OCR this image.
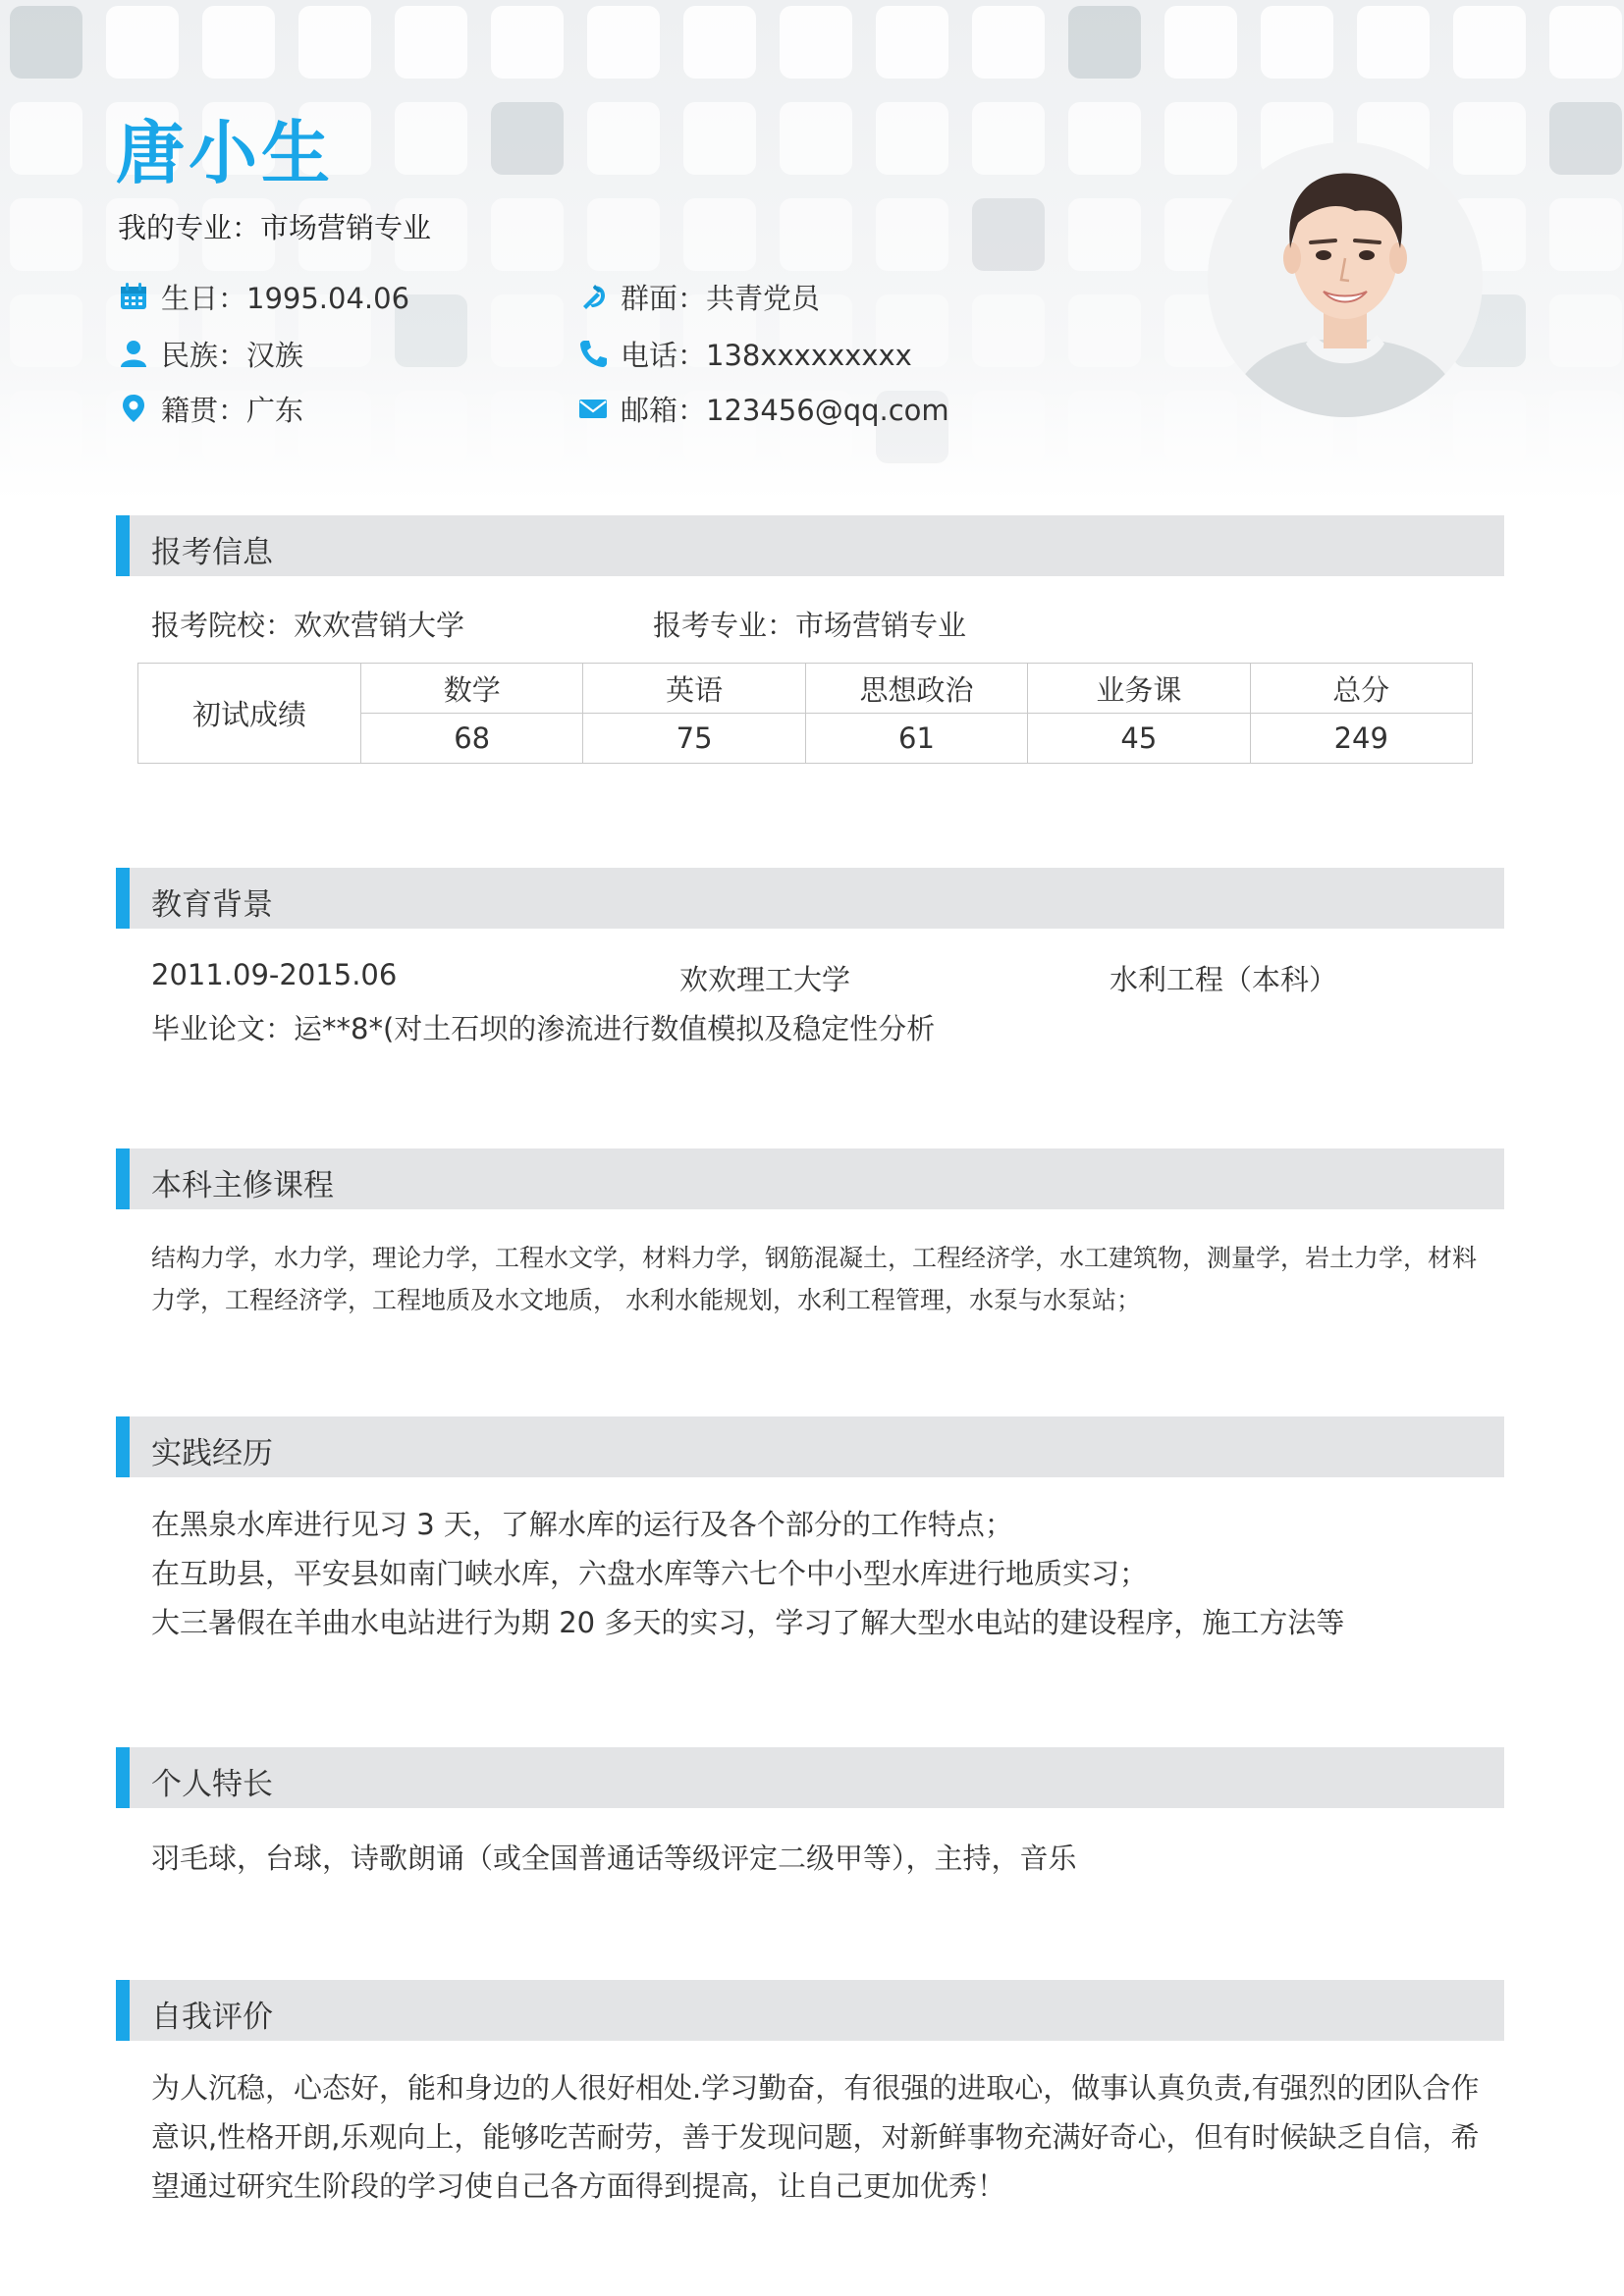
唐小生
我的专业：市场营销专业
生日：1995.04.06
民族：汉族
籍贯：广东
群面：共青党员
电话：138xxxxxxxxx
邮箱：123456@qq.com
报考信息
报考院校：欢欢营销大学	报考专业：市场营销专业
初试成绩	数学	英语	思想政治	业务课	总分
	68	75	61	45	249
教育背景
2011.09-2015.06	欢欢理工大学	水利工程（本科）
毕业论文：运**8*(对土石坝的渗流进行数值模拟及稳定性分析
本科主修课程
结构力学，水力学，理论力学，工程水文学，材料力学，钢筋混凝土，工程经济学，水工建筑物，测量学，岩土力学，材料
力学，工程经济学，工程地质及水文地质， 水利水能规划，水利工程管理，水泵与水泵站；
实践经历
在黑泉水库进行见习 3 天，了解水库的运行及各个部分的工作特点；
在互助县，平安县如南门峡水库，六盘水库等六七个中小型水库进行地质实习；
大三暑假在羊曲水电站进行为期 20 多天的实习，学习了解大型水电站的建设程序，施工方法等
个人特长
羽毛球，台球，诗歌朗诵（或全国普通话等级评定二级甲等），主持，音乐
自我评价
为人沉稳，心态好，能和身边的人很好相处.学习勤奋，有很强的进取心，做事认真负责,有强烈的团队合作
意识,性格开朗,乐观向上，能够吃苦耐劳，善于发现问题，对新鲜事物充满好奇心，但有时候缺乏自信，希
望通过研究生阶段的学习使自己各方面得到提高，让自己更加优秀！
